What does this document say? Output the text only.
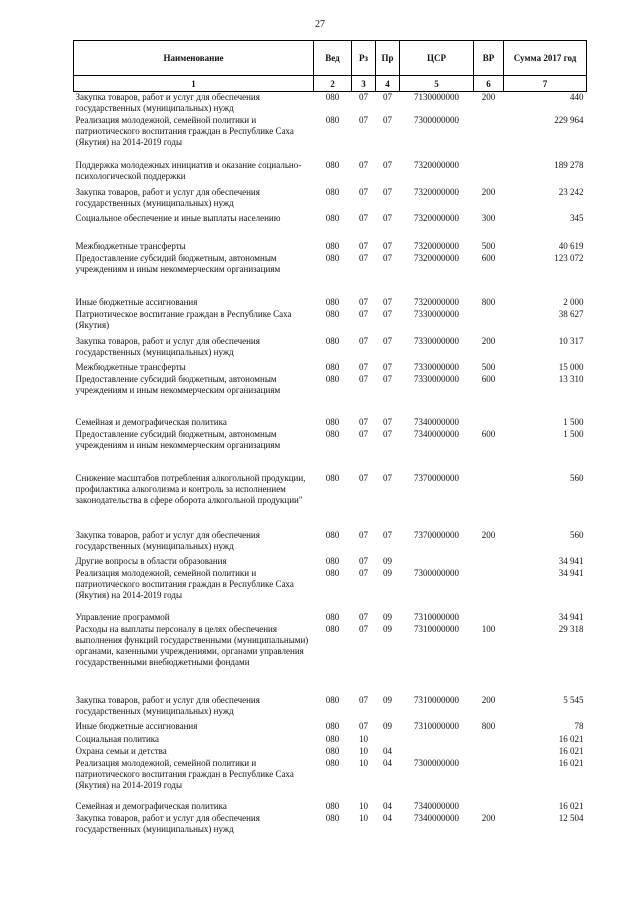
27
Наименование	Вед	Рз	Пр	ЦСР	ВР	Сумма 2017 год
1	2	3	4	5	6	7
Закупка товаров, работ и услуг для обеспечения государственных (муниципальных) нужд	080	07	07	7130000000	200	440
Реализация молодежной, семейной политики и патриотического воспитания граждан в Республике Саха (Якутия) на 2014-2019 годы	080	07	07	7300000000		229 964
Поддержка молодежных инициатив и оказание социально-психологической поддержки	080	07	07	7320000000		189 278
Закупка товаров, работ и услуг для обеспечения государственных (муниципальных) нужд	080	07	07	7320000000	200	23 242
Социальное обеспечение и иные выплаты населению	080	07	07	7320000000	300	345
Межбюджетные трансферты	080	07	07	7320000000	500	40 619
Предоставление субсидий бюджетным, автономным учреждениям и иным некоммерческим организациям	080	07	07	7320000000	600	123 072
Иные бюджетные ассигнования	080	07	07	7320000000	800	2 000
Патриотическое воспитание граждан в Республике Саха (Якутия)	080	07	07	7330000000		38 627
Закупка товаров, работ и услуг для обеспечения государственных (муниципальных) нужд	080	07	07	7330000000	200	10 317
Межбюджетные трансферты	080	07	07	7330000000	500	15 000
Предоставление субсидий бюджетным, автономным учреждениям и иным некоммерческим организациям	080	07	07	7330000000	600	13 310
Семейная и демографическая политика	080	07	07	7340000000		1 500
Предоставление субсидий бюджетным, автономным учреждениям и иным некоммерческим организациям	080	07	07	7340000000	600	1 500
Снижение масштабов потребления алкогольной продукции, профилактика алкоголизма и контроль за исполнением законодательства в сфере оборота алкогольной продукции"	080	07	07	7370000000		560
Закупка товаров, работ и услуг для обеспечения государственных (муниципальных) нужд	080	07	07	7370000000	200	560
Другие вопросы в области образования	080	07	09			34 941
Реализация молодежной, семейной политики и патриотического воспитания граждан в Республике Саха (Якутия) на 2014-2019 годы	080	07	09	7300000000		34 941
Управление программой	080	07	09	7310000000		34 941
Расходы на выплаты персоналу в целях обеспечения выполнения функций государственными (муниципальными) органами, казенными учреждениями, органами управления государственными внебюджетными фондами	080	07	09	7310000000	100	29 318
Закупка товаров, работ и услуг для обеспечения государственных (муниципальных) нужд	080	07	09	7310000000	200	5 545
Иные бюджетные ассигнования	080	07	09	7310000000	800	78
Социальная политика	080	10				16 021
Охрана семьи и детства	080	10	04			16 021
Реализация молодежной, семейной политики и патриотического воспитания граждан в Республике Саха (Якутия) на 2014-2019 годы	080	10	04	7300000000		16 021
Семейная и демографическая политика	080	10	04	7340000000		16 021
Закупка товаров, работ и услуг для обеспечения государственных (муниципальных) нужд	080	10	04	7340000000	200	12 504
